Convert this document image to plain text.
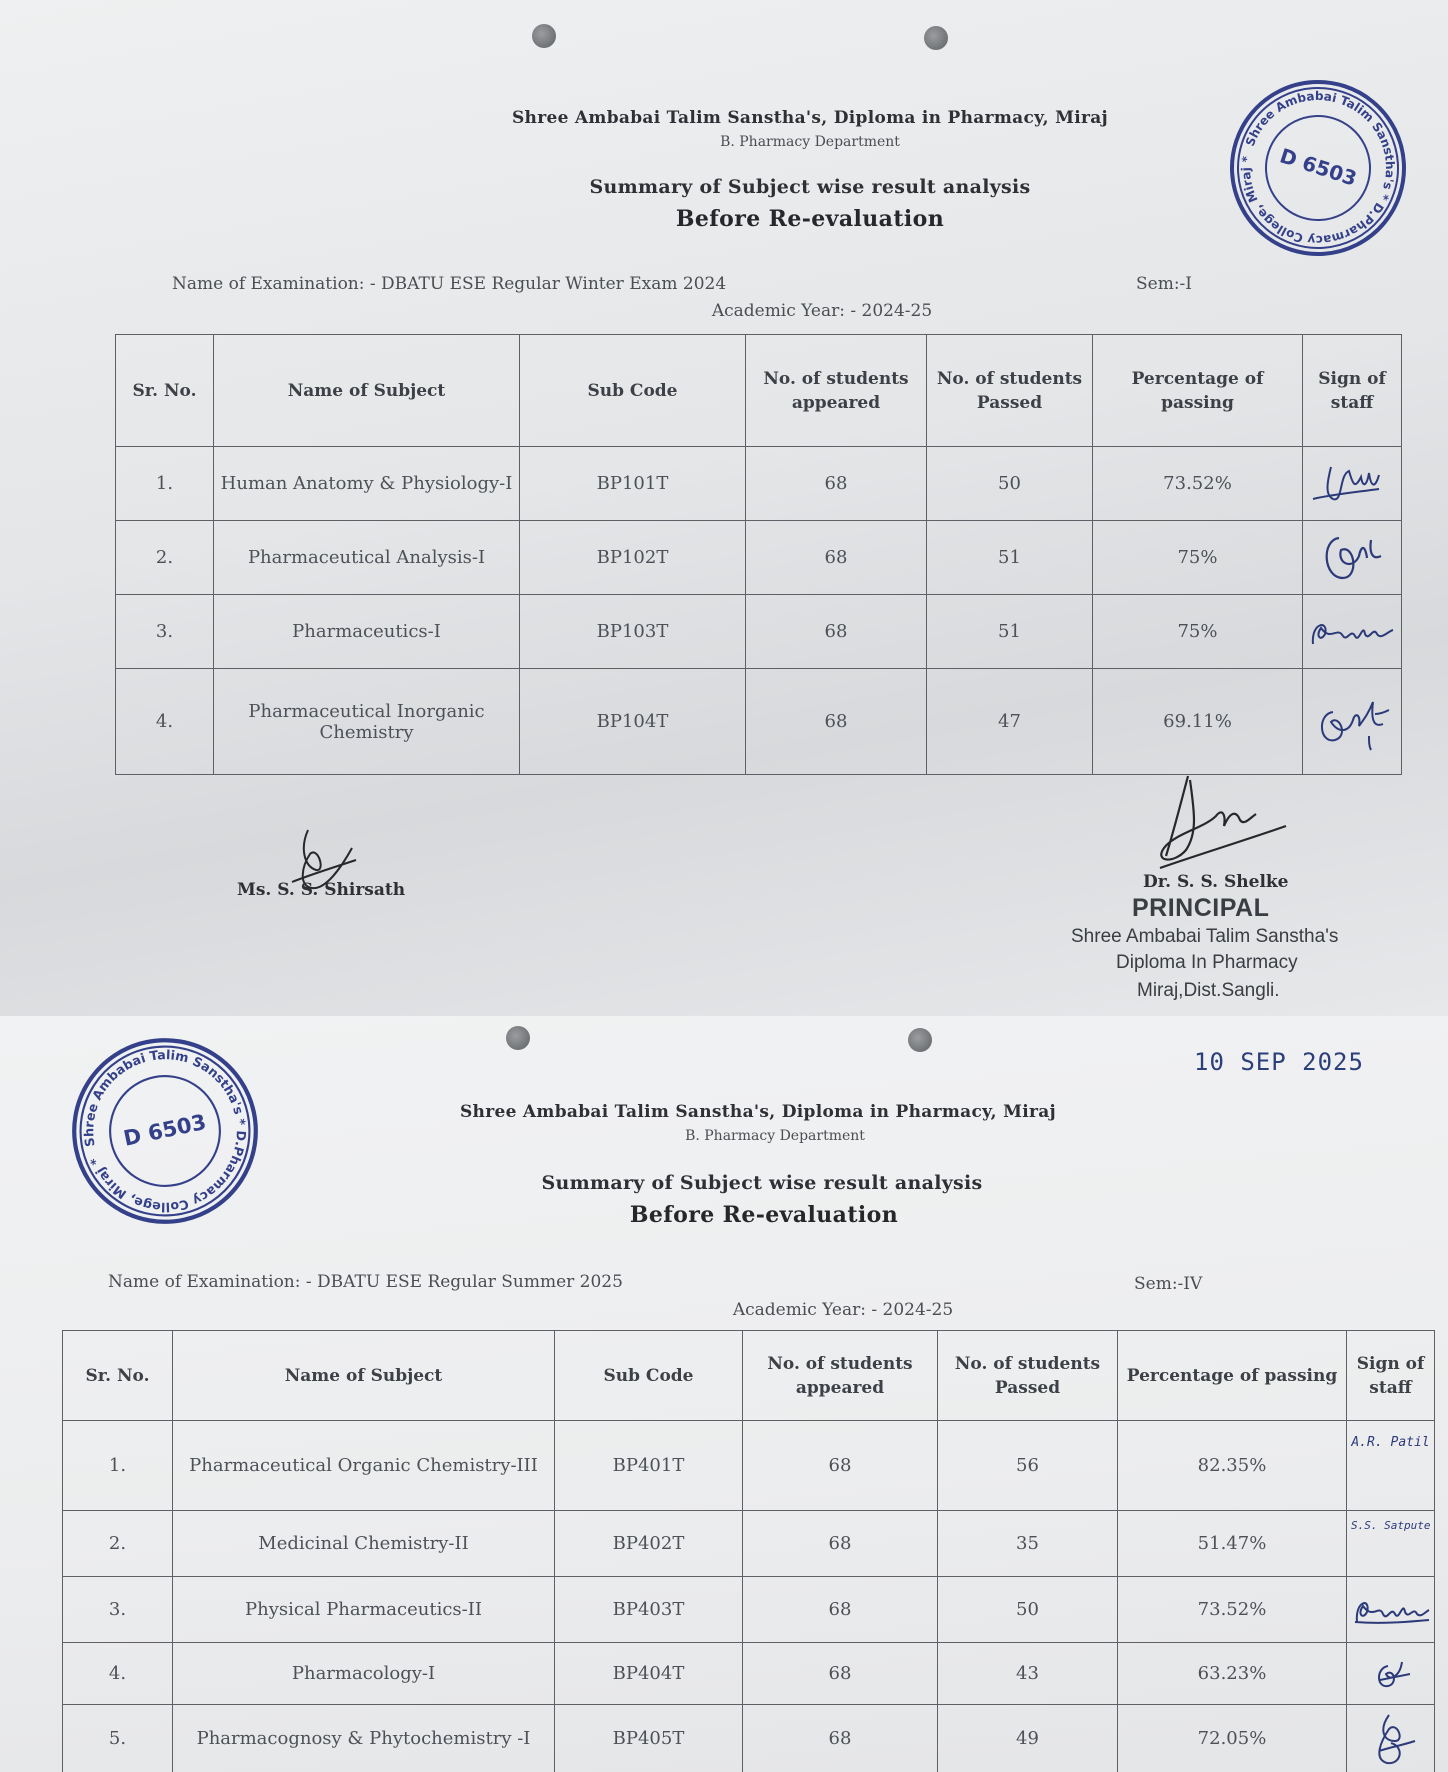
Shree Ambabai Talim Sanstha's * D.Pharmacy College, Miraj *	D 6503
Shree Ambabai Talim Sanstha's, Diploma in Pharmacy, Miraj
B. Pharmacy Department
Summary of Subject wise result analysis
Before Re-evaluation
Name of Examination: - DBATU ESE Regular Winter Exam 2024	Sem:-I
Academic Year: - 2024-25
Sr. No.	Name of Subject	Sub Code	No. of students appeared	No. of students Passed	Percentage of passing	Sign of staff
1.	Human Anatomy & Physiology-I	BP101T	68	50	73.52%	

2.	Pharmaceutical Analysis-I	BP102T	68	51	75%	

3.	Pharmaceutics-I	BP103T	68	51	75%	

4.	Pharmaceutical Inorganic Chemistry	BP104T	68	47	69.11%	
Ms. S. S. Shirsath	Dr. S. S. Shelke
PRINCIPAL
Shree Ambabai Talim Sanstha's
Diploma In Pharmacy
Miraj,Dist.Sangli.
Shree Ambabai Talim Sanstha's * D.Pharmacy College, Miraj *
D 6503
10 SEP 2025
Shree Ambabai Talim Sanstha's, Diploma in Pharmacy, Miraj
B. Pharmacy Department
Summary of Subject wise result analysis
Before Re-evaluation
Name of Examination: - DBATU ESE Regular Summer 2025	Sem:-IV
Academic Year: - 2024-25
Sr. No.	Name of Subject	Sub Code	No. of students appeared	No. of students Passed	Percentage of passing	Sign of staff
1.	Pharmaceutical Organic Chemistry-III	BP401T	68	56	82.35%	A.R. Patil
2.	Medicinal Chemistry-II	BP402T	68	35	51.47%	S.S. Satpute
3.	Physical Pharmaceutics-II	BP403T	68	50	73.52%	

4.	Pharmacology-I	BP404T	68	43	63.23%	

5.	Pharmacognosy & Phytochemistry -I	BP405T	68	49	72.05%	
